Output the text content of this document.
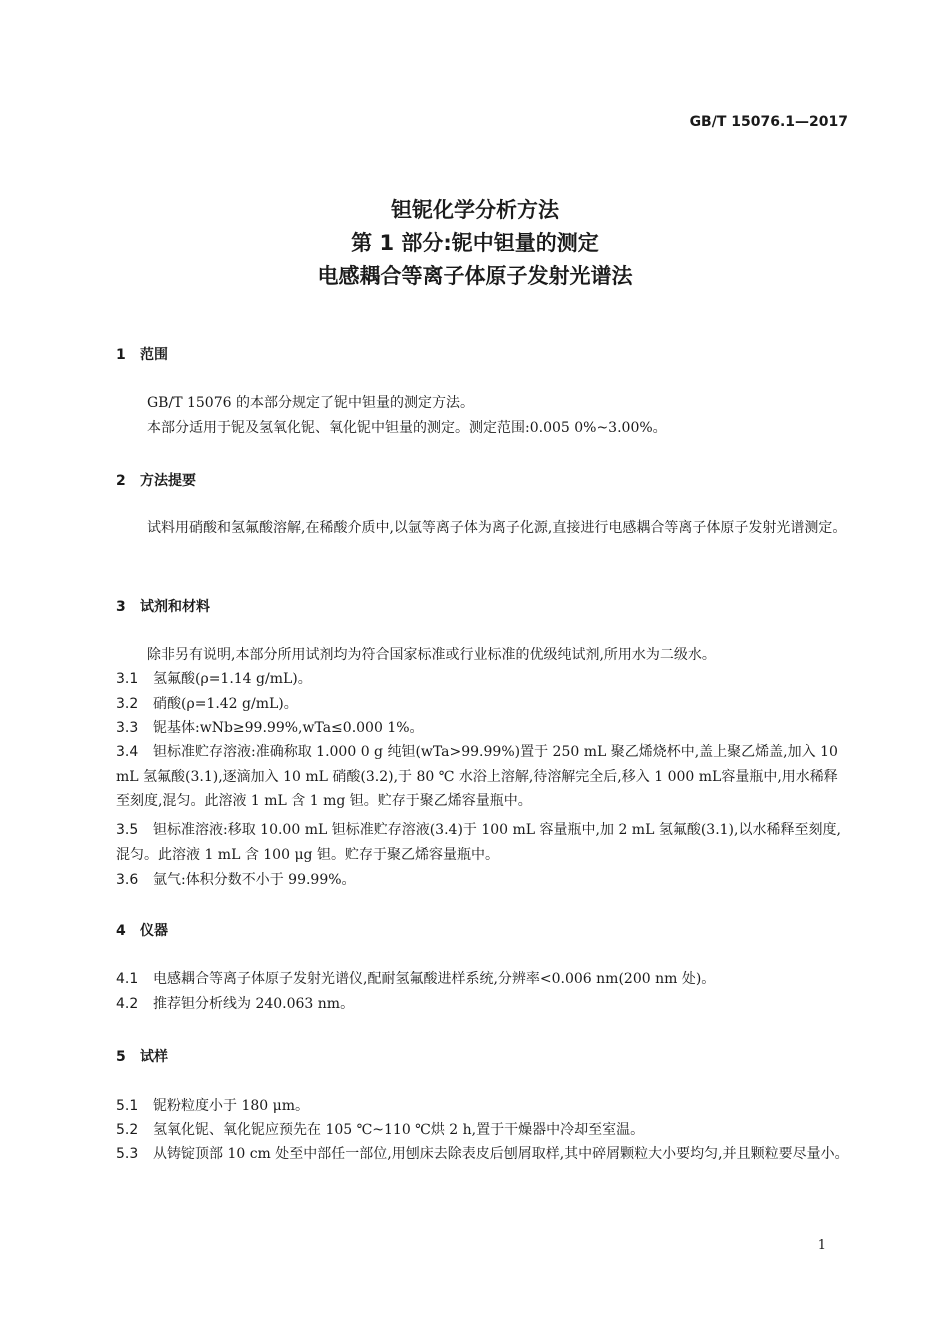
GB/T 15076.1—2017
钽铌化学分析方法
第 1 部分:铌中钽量的测定
电感耦合等离子体原子发射光谱法
1 范围
GB/T 15076 的本部分规定了铌中钽量的测定方法。
本部分适用于铌及氢氧化铌、氧化铌中钽量的测定。测定范围:0.005 0%~3.00%。
2 方法提要
试料用硝酸和氢氟酸溶解,在稀酸介质中,以氩等离子体为离子化源,直接进行电感耦合等离子体原子发射光谱测定。
3 试剂和材料
除非另有说明,本部分所用试剂均为符合国家标准或行业标准的优级纯试剂,所用水为二级水。
3.1 氢氟酸(ρ=1.14 g/mL)。
3.2 硝酸(ρ=1.42 g/mL)。
3.3 铌基体:wNb≥99.99%,wTa≤0.000 1%。
3.4 钽标准贮存溶液:准确称取 1.000 0 g 纯钽(wTa>99.99%)置于 250 mL 聚乙烯烧杯中,盖上聚乙烯盖,加入 10 mL 氢氟酸(3.1),逐滴加入 10 mL 硝酸(3.2),于 80 ℃ 水浴上溶解,待溶解完全后,移入 1 000 mL容量瓶中,用水稀释至刻度,混匀。此溶液 1 mL 含 1 mg 钽。贮存于聚乙烯容量瓶中。
3.5 钽标准溶液:移取 10.00 mL 钽标准贮存溶液(3.4)于 100 mL 容量瓶中,加 2 mL 氢氟酸(3.1),以水稀释至刻度,混匀。此溶液 1 mL 含 100 μg 钽。贮存于聚乙烯容量瓶中。
3.6 氩气:体积分数不小于 99.99%。
4 仪器
4.1 电感耦合等离子体原子发射光谱仪,配耐氢氟酸进样系统,分辨率<0.006 nm(200 nm 处)。
4.2 推荐钽分析线为 240.063 nm。
5 试样
5.1 铌粉粒度小于 180 μm。
5.2 氢氧化铌、氧化铌应预先在 105 ℃~110 ℃烘 2 h,置于干燥器中冷却至室温。
5.3 从铸锭顶部 10 cm 处至中部任一部位,用刨床去除表皮后刨屑取样,其中碎屑颗粒大小要均匀,并且颗粒要尽量小。
1
